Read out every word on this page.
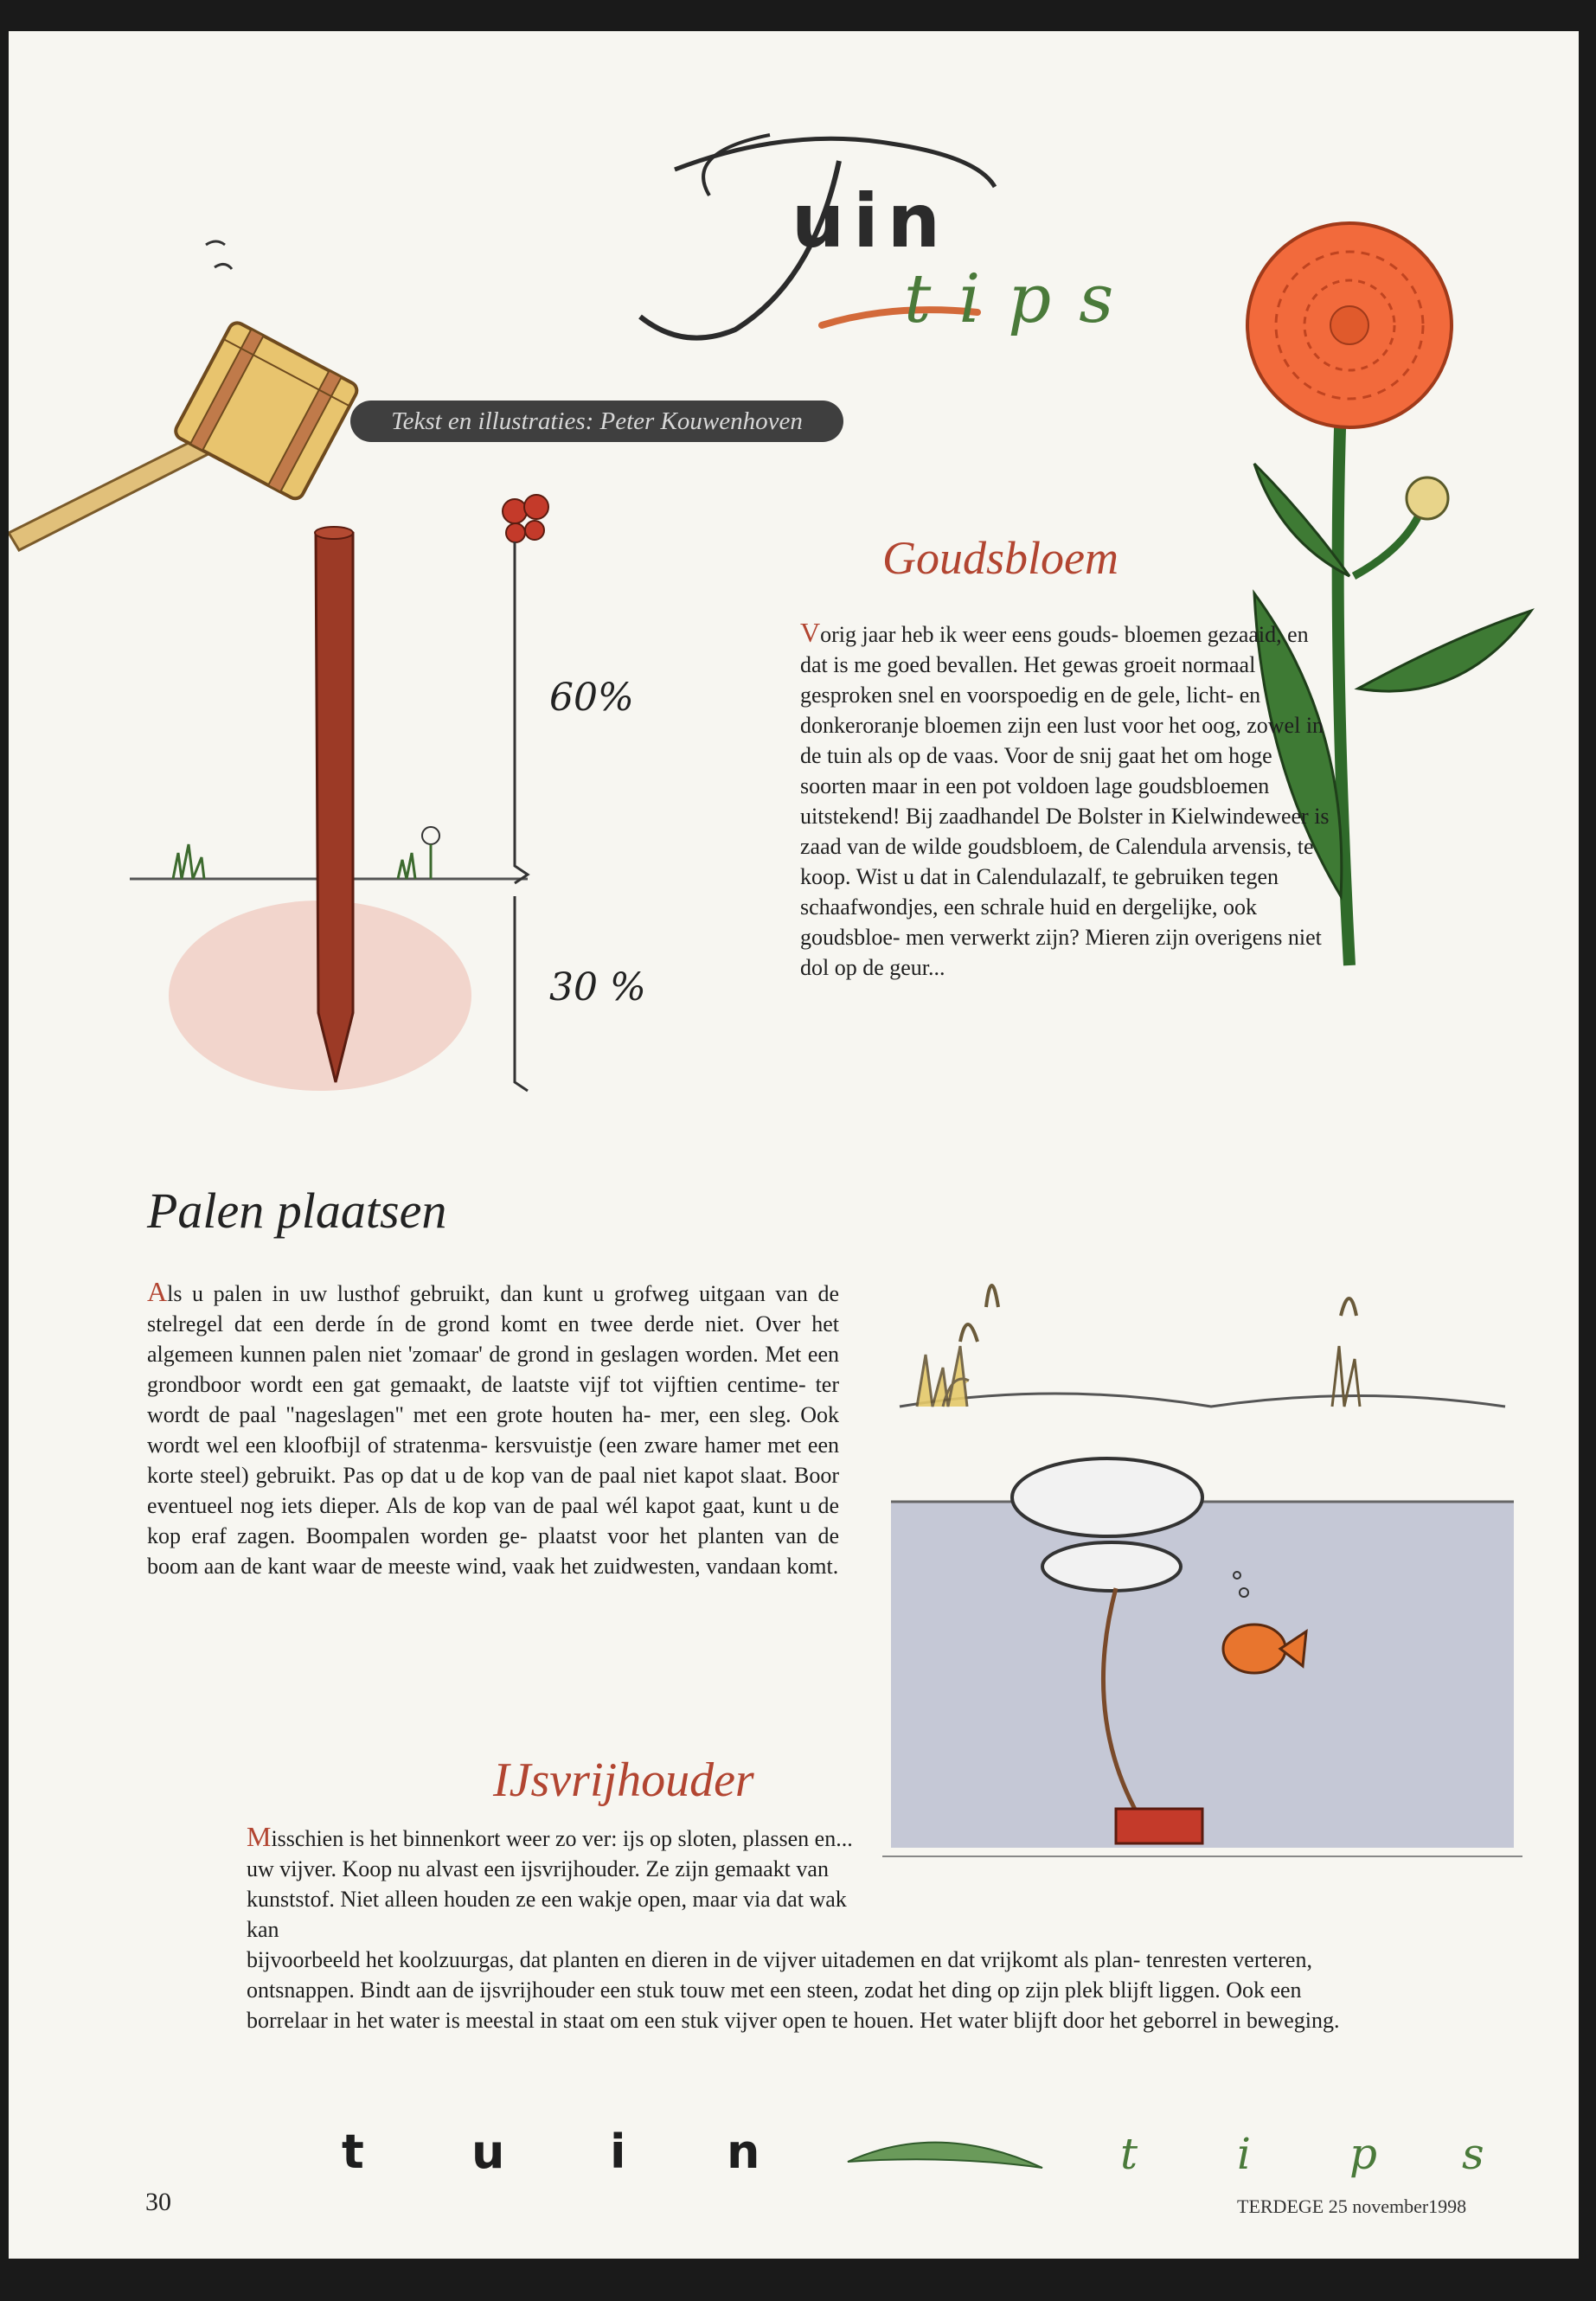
uin
tips
Tekst en illustraties: Peter Kouwenhoven
Goudsbloem

Vorig jaar heb ik weer eens gouds- bloemen gezaaid, en dat is me goed bevallen. Het gewas groeit normaal gesproken snel en voorspoedig en de gele, licht- en donkeroranje bloemen zijn een lust voor het oog, zowel in de tuin als op de vaas. Voor de snij gaat het om hoge soorten maar in een pot voldoen lage goudsbloemen uitstekend! Bij zaadhandel De Bolster in Kielwindeweer is zaad van de wilde goudsbloem, de Calendula arvensis, te koop. Wist u dat in Calendulazalf, te gebruiken tegen schaafwondjes, een schrale huid en dergelijke, ook goudsbloe- men verwerkt zijn? Mieren zijn overigens niet dol op de geur...

60%
30 %
Palen plaatsen

Als u palen in uw lusthof gebruikt, dan kunt u grofweg uitgaan van de stelregel dat een derde ín de grond komt en twee derde niet. Over het algemeen kunnen palen niet 'zomaar' de grond in geslagen worden. Met een grondboor wordt een gat gemaakt, de laatste vijf tot vijftien centime- ter wordt de paal "nageslagen" met een grote houten ha- mer, een sleg. Ook wordt wel een kloofbijl of stratenma- kersvuistje (een zware hamer met een korte steel) gebruikt. Pas op dat u de kop van de paal niet kapot slaat. Boor eventueel nog iets dieper. Als de kop van de paal wél kapot gaat, kunt u de kop eraf zagen. Boompalen worden ge- plaatst voor het planten van de boom aan de kant waar de meeste wind, vaak het zuidwesten, vandaan komt.

IJsvrijhouder

Misschien is het binnenkort weer zo ver: ijs op sloten, plassen en... uw vijver. Koop nu alvast een ijsvrijhouder. Ze zijn gemaakt van kunststof. Niet alleen houden ze een wakje open, maar via dat wak kan

bijvoorbeeld het koolzuurgas, dat planten en dieren in de vijver uitademen en dat vrijkomt als plan- tenresten verteren, ontsnappen. Bindt aan de ijsvrijhouder een stuk touw met een steen, zodat het ding op zijn plek blijft liggen. Ook een borrelaar in het water is meestal in staat om een stuk vijver open te houen. Het water blijft door het geborrel in beweging.

t u i n	t i p s
30	TERDEGE 25 november1998
